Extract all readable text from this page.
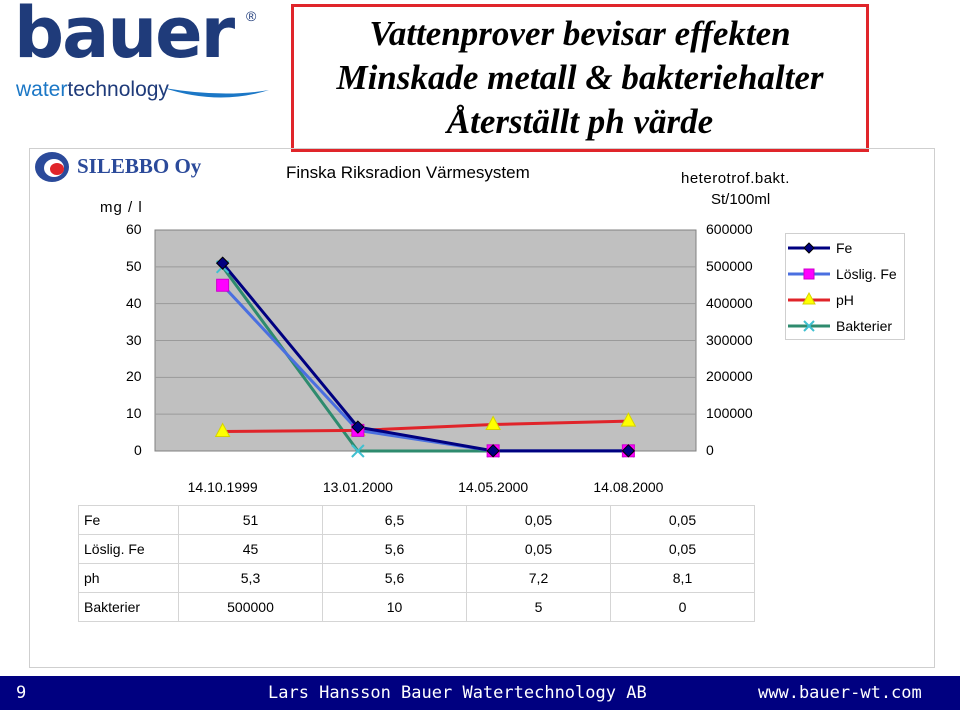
bauer ®
watertechnology
Vattenprover bevisar effekten
Minskade metall & bakteriehalter
Återställt ph värde
SILEBBO Oy	Finska Riksradion Värmesystem
mg / l
heterotrof.bakt.
St/100ml
0
10
20
30
40
50
60
0
100000
200000
300000
400000
500000
600000
14.10.1999	13.01.2000	14.05.2000	14.08.2000
Fe
Löslig. Fe
pH
Bakterier
Fe	51	6,5	0,05	0,05
Löslig. Fe	45	5,6	0,05	0,05
ph	5,3	5,6	7,2	8,1
Bakterier	500000	10	5	0
9	Lars Hansson Bauer Watertechnology AB	www.bauer-wt.com
